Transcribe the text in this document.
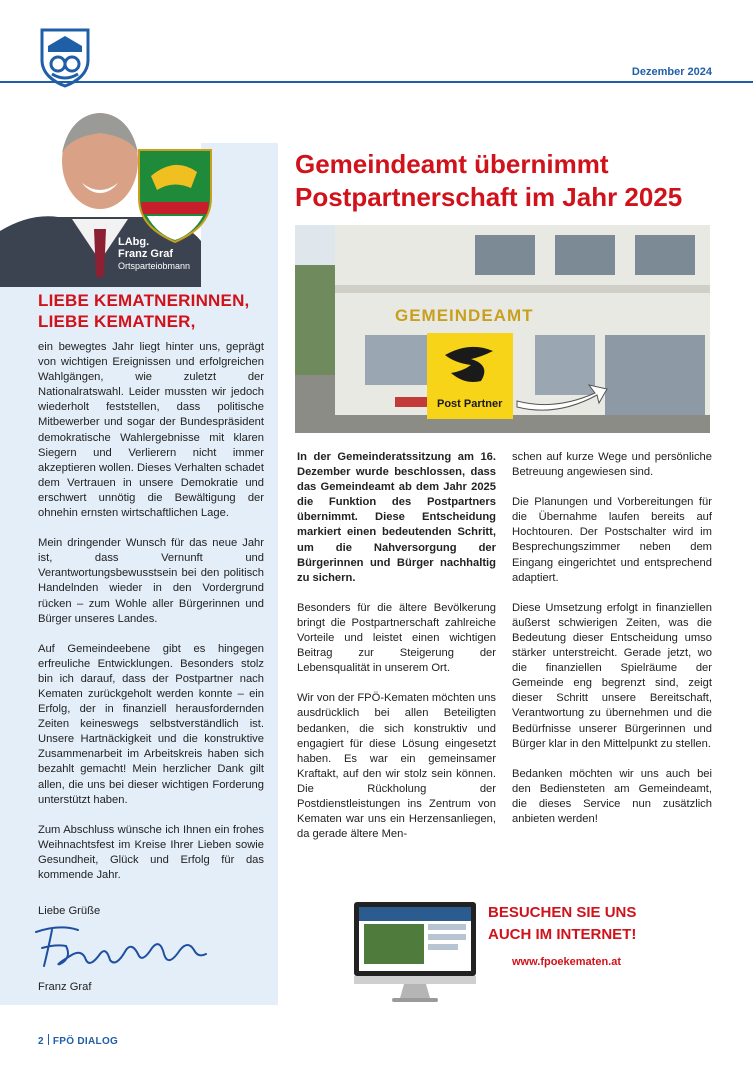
Dezember 2024
LAbg.
Franz Graf
Ortsparteiobmann
LIEBE KEMATNERINNEN,
LIEBE KEMATNER,

ein bewegtes Jahr liegt hinter uns, geprägt von wichtigen Ereignissen und erfolgreichen Wahlgängen, wie zuletzt der Nationalratswahl. Leider mussten wir jedoch wiederholt feststellen, dass politische Mitbewerber und sogar der Bundespräsident demokratische Wahlergebnisse mit klaren Siegern und Verlierern nicht immer akzeptieren wollen. Dieses Verhalten schadet dem Vertrauen in unsere Demokratie und erschwert unnötig die Bewältigung der ohnehin ernsten wirtschaftlichen Lage.

Mein dringender Wunsch für das neue Jahr ist, dass Vernunft und Verantwortungsbewusstsein bei den politisch Handelnden wieder in den Vordergrund rücken – zum Wohle aller Bürgerinnen und Bürger unseres Landes.

Auf Gemeindeebene gibt es hingegen erfreuliche Entwicklungen. Besonders stolz bin ich darauf, dass der Postpartner nach Kematen zurückgeholt werden konnte – ein Erfolg, der in finanziell herausfordernden Zeiten keineswegs selbstverständlich ist. Unsere Hartnäckigkeit und die konstruktive Zusammenarbeit im Arbeitskreis haben sich bezahlt gemacht! Mein herzlicher Dank gilt allen, die uns bei dieser wichtigen Forderung unterstützt haben.

Zum Abschluss wünsche ich Ihnen ein frohes Weihnachtsfest im Kreise Ihrer Lieben sowie Gesundheit, Glück und Erfolg für das kommende Jahr.

Liebe Grüße
Franz Graf
Gemeindeamt übernimmt
Postpartnerschaft im Jahr 2025
GEMEINDEAMT
Post Partner

In der Gemeinderatssitzung am 16. Dezember wurde beschlossen, dass das Gemeindeamt ab dem Jahr 2025 die Funktion des Postpartners übernimmt. Diese Entscheidung markiert einen bedeutenden Schritt, um die Nahversorgung der Bürgerinnen und Bürger nachhaltig zu sichern.

Besonders für die ältere Bevölkerung bringt die Postpartnerschaft zahlreiche Vorteile und leistet einen wichtigen Beitrag zur Steigerung der Lebensqualität in unserem Ort.

Wir von der FPÖ-Kematen möchten uns ausdrücklich bei allen Beteiligten bedanken, die sich konstruktiv und engagiert für diese Lösung eingesetzt haben. Es war ein gemeinsamer Kraftakt, auf den wir stolz sein können. Die Rückholung der Postdienstleistungen ins Zentrum von Kematen war uns ein Herzensanliegen, da gerade ältere Men-

schen auf kurze Wege und persönliche Betreuung angewiesen sind.

Die Planungen und Vorbereitungen für die Übernahme laufen bereits auf Hochtouren. Der Postschalter wird im Besprechungszimmer neben dem Eingang eingerichtet und entsprechend adaptiert.

Diese Umsetzung erfolgt in finanziellen äußerst schwierigen Zeiten, was die Bedeutung dieser Entscheidung umso stärker unterstreicht. Gerade jetzt, wo die finanziellen Spielräume der Gemeinde eng begrenzt sind, zeigt dieser Schritt unsere Bereitschaft, Verantwortung zu übernehmen und die Bedürfnisse unserer Bürgerinnen und Bürger klar in den Mittelpunkt zu stellen.

Bedanken möchten wir uns auch bei den Bediensteten am Gemeindeamt, die dieses Service nun zusätzlich anbieten werden!

BESUCHEN SIE UNS
AUCH IM INTERNET!
www.fpoekematen.at
2 FPÖ DIALOG
